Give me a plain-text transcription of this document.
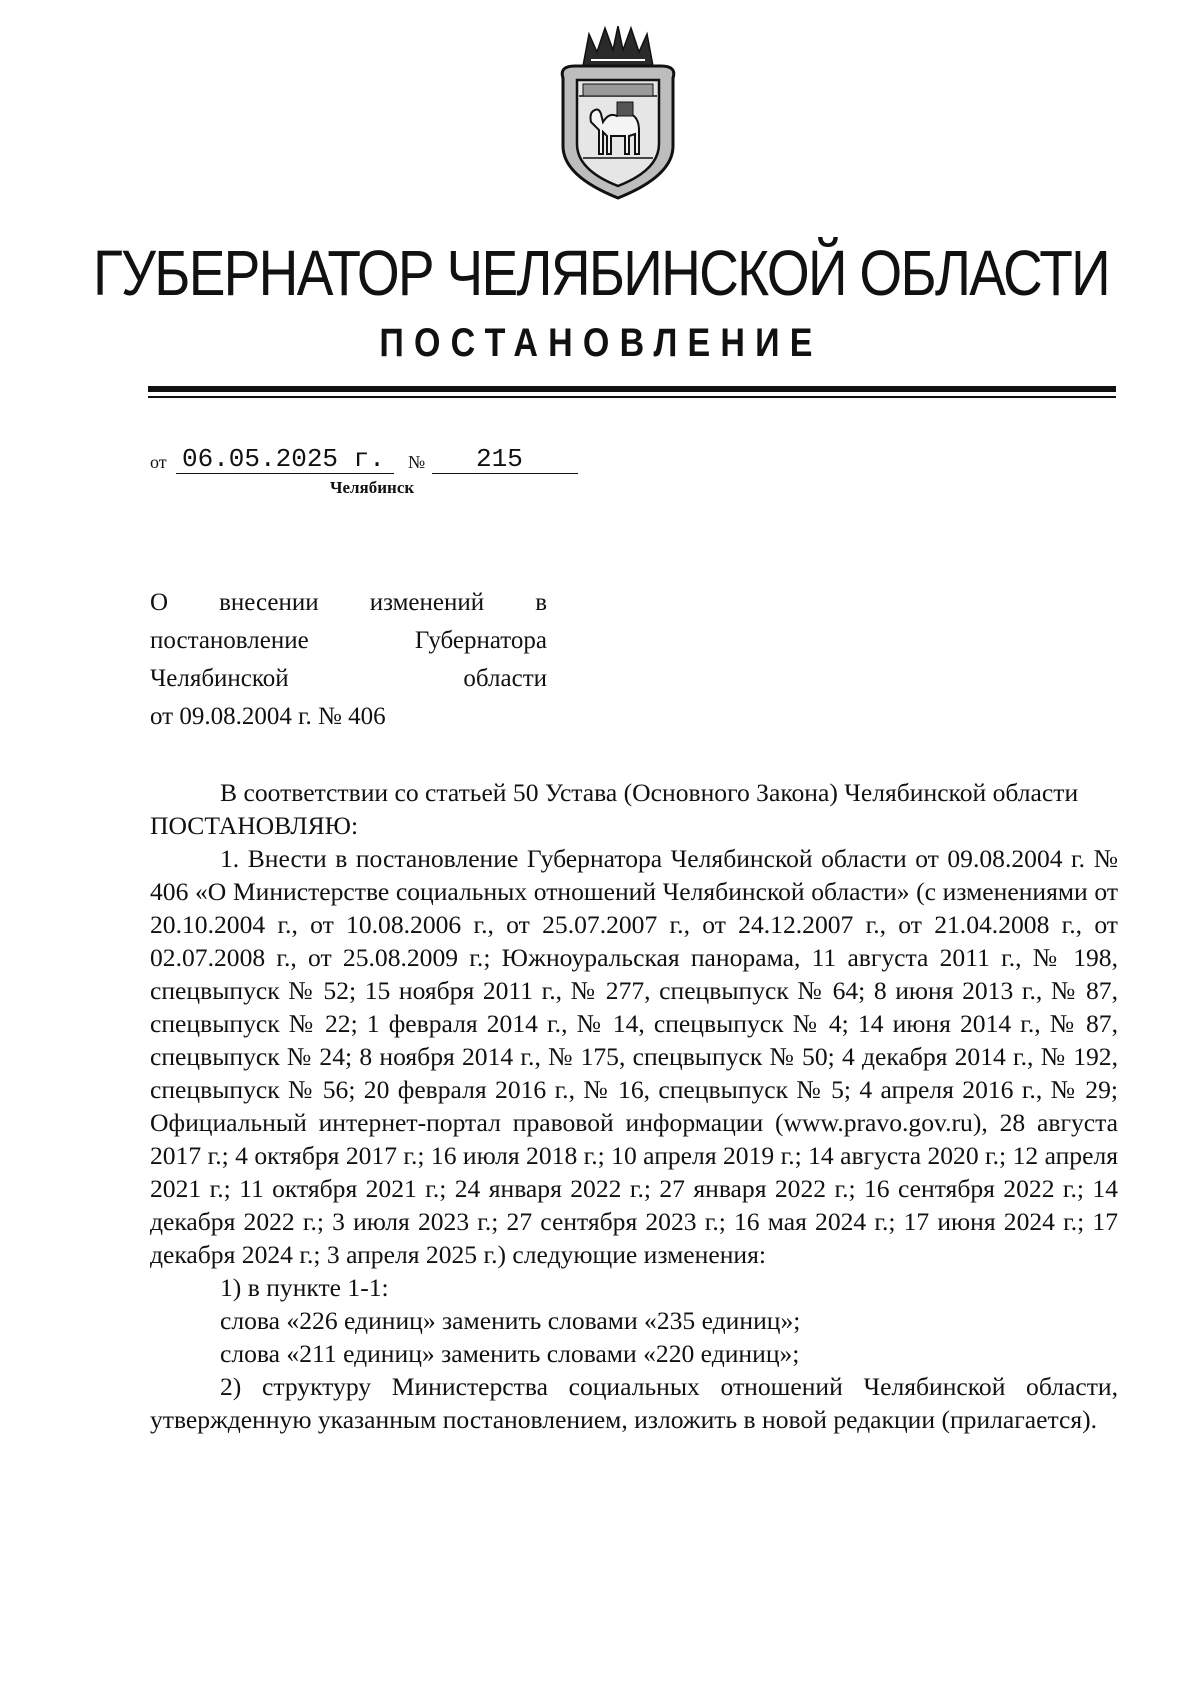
ГУБЕРНАТОР ЧЕЛЯБИНСКОЙ ОБЛАСТИ
ПОСТАНОВЛЕНИЕ
от 06.05.2025 г.	№	215
Челябинск
О внесении изменений в
постановление Губернатора
Челябинской области
от 09.08.2004 г. № 406

В соответствии со статьей 50 Устава (Основного Закона) Челябинской области

ПОСТАНОВЛЯЮ:

1. Внести в постановление Губернатора Челябинской области от 09.08.2004 г. № 406 «О Министерстве социальных отношений Челябинской области» (с изменениями от 20.10.2004 г., от 10.08.2006 г., от 25.07.2007 г., от 24.12.2007 г., от 21.04.2008 г., от 02.07.2008 г., от 25.08.2009 г.; Южноуральская панорама, 11 августа 2011 г., № 198, спецвыпуск № 52; 15 ноября 2011 г., № 277, спецвыпуск № 64; 8 июня 2013 г., № 87, спецвыпуск № 22; 1 февраля 2014 г., № 14, спецвыпуск № 4; 14 июня 2014 г., № 87, спецвыпуск № 24; 8 ноября 2014 г., № 175, спецвыпуск № 50; 4 декабря 2014 г., № 192, спецвыпуск № 56; 20 февраля 2016 г., № 16, спецвыпуск № 5; 4 апреля 2016 г., № 29; Официальный интернет-портал правовой информации (www.pravo.gov.ru), 28 августа 2017 г.; 4 октября 2017 г.; 16 июля 2018 г.; 10 апреля 2019 г.; 14 августа 2020 г.; 12 апреля 2021 г.; 11 октября 2021 г.; 24 января 2022 г.; 27 января 2022 г.; 16 сентября 2022 г.; 14 декабря 2022 г.; 3 июля 2023 г.; 27 сентября 2023 г.; 16 мая 2024 г.; 17 июня 2024 г.; 17 декабря 2024 г.; 3 апреля 2025 г.) следующие изменения:

1) в пункте 1-1:

слова «226 единиц» заменить словами «235 единиц»;

слова «211 единиц» заменить словами «220 единиц»;

2) структуру Министерства социальных отношений Челябинской области, утвержденную указанным постановлением, изложить в новой редакции (прилагается).
